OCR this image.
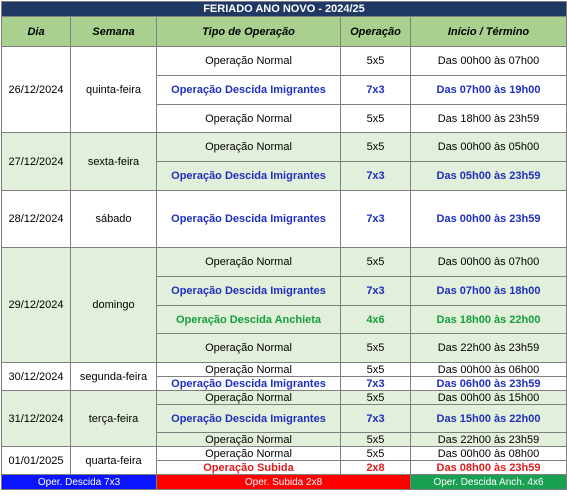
FERIADO ANO NOVO - 2024/25				
Dia	Semana	Tipo de Operação	Operação	Início / Término
26/12/2024	quinta-feira	Operação Normal	5x5	Das 00h00 às 07h00
		Operação Descida Imigrantes	7x3	Das 07h00 às 19h00
		Operação Normal	5x5	Das 18h00 às 23h59
27/12/2024	sexta-feira	Operação Normal	5x5	Das 00h00 às 05h00
		Operação Descida Imigrantes	7x3	Das 05h00 às 23h59
28/12/2024	sábado	Operação Descida Imigrantes	7x3	Das 00h00 às 23h59
29/12/2024	domingo	Operação Normal	5x5	Das 00h00 às 07h00
		Operação Descida Imigrantes	7x3	Das 07h00 às 18h00
		Operação Descida Anchieta	4x6	Das 18h00 às 22h00
		Operação Normal	5x5	Das 22h00 às 23h59
30/12/2024	segunda-feira	Operação Normal	5x5	Das 00h00 às 06h00
		Operação Descida Imigrantes	7x3	Das 06h00 às 23h59
31/12/2024	terça-feira	Operação Normal	5x5	Das 00h00 às 15h00
		Operação Descida Imigrantes	7x3	Das 15h00 às 22h00
		Operação Normal	5x5	Das 22h00 às 23h59
01/01/2025	quarta-feira	Operação Normal	5x5	Das 00h00 às 08h00
		Operação Subida	2x8	Das 08h00 às 23h59
Oper. Descida 7x3		Oper. Subida 2x8		Oper. Descida Anch. 4x6
